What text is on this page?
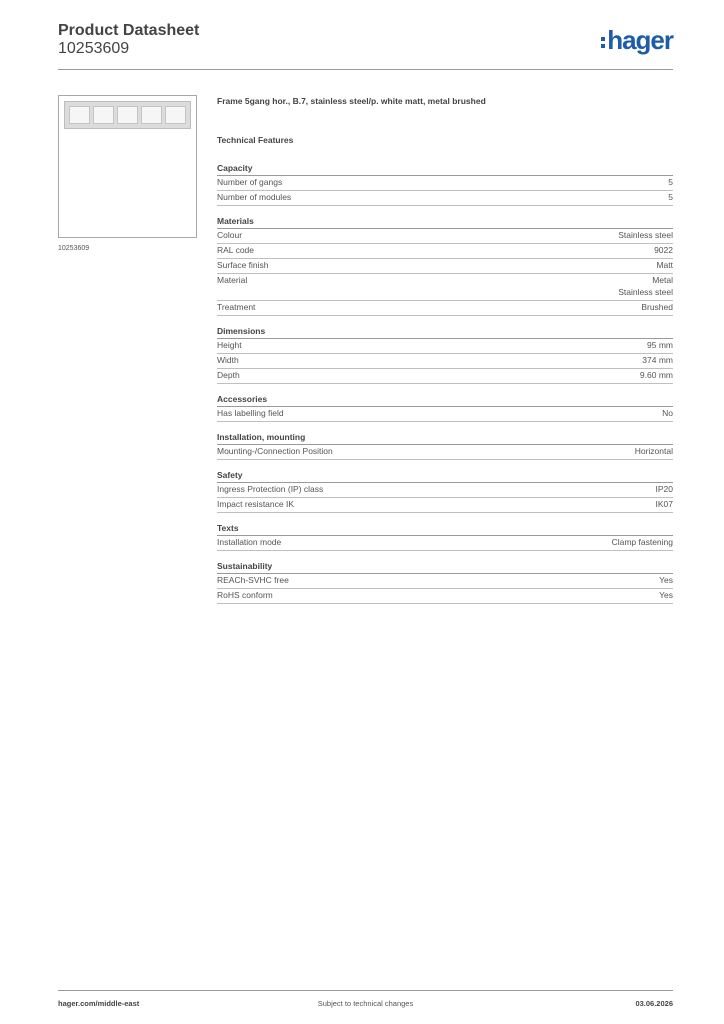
Product Datasheet
10253609	hager
10253609
Frame 5gang hor., B.7, stainless steel/p. white matt, metal brushed
Technical Features
Capacity
Number of gangs	5
Number of modules	5
Materials
Colour	Stainless steel
RAL code	9022
Surface finish	Matt
Material	Metal
Stainless steel
Treatment	Brushed
Dimensions
Height	95 mm
Width	374 mm
Depth	9.60 mm
Accessories
Has labelling field	No
Installation, mounting
Mounting-/Connection Position	Horizontal
Safety
Ingress Protection (IP) class	IP20
Impact resistance IK	IK07
Texts
Installation mode	Clamp fastening
Sustainability
REACh-SVHC free	Yes
RoHS conform	Yes
hager.com/middle-east	Subject to technical changes	03.06.2026
